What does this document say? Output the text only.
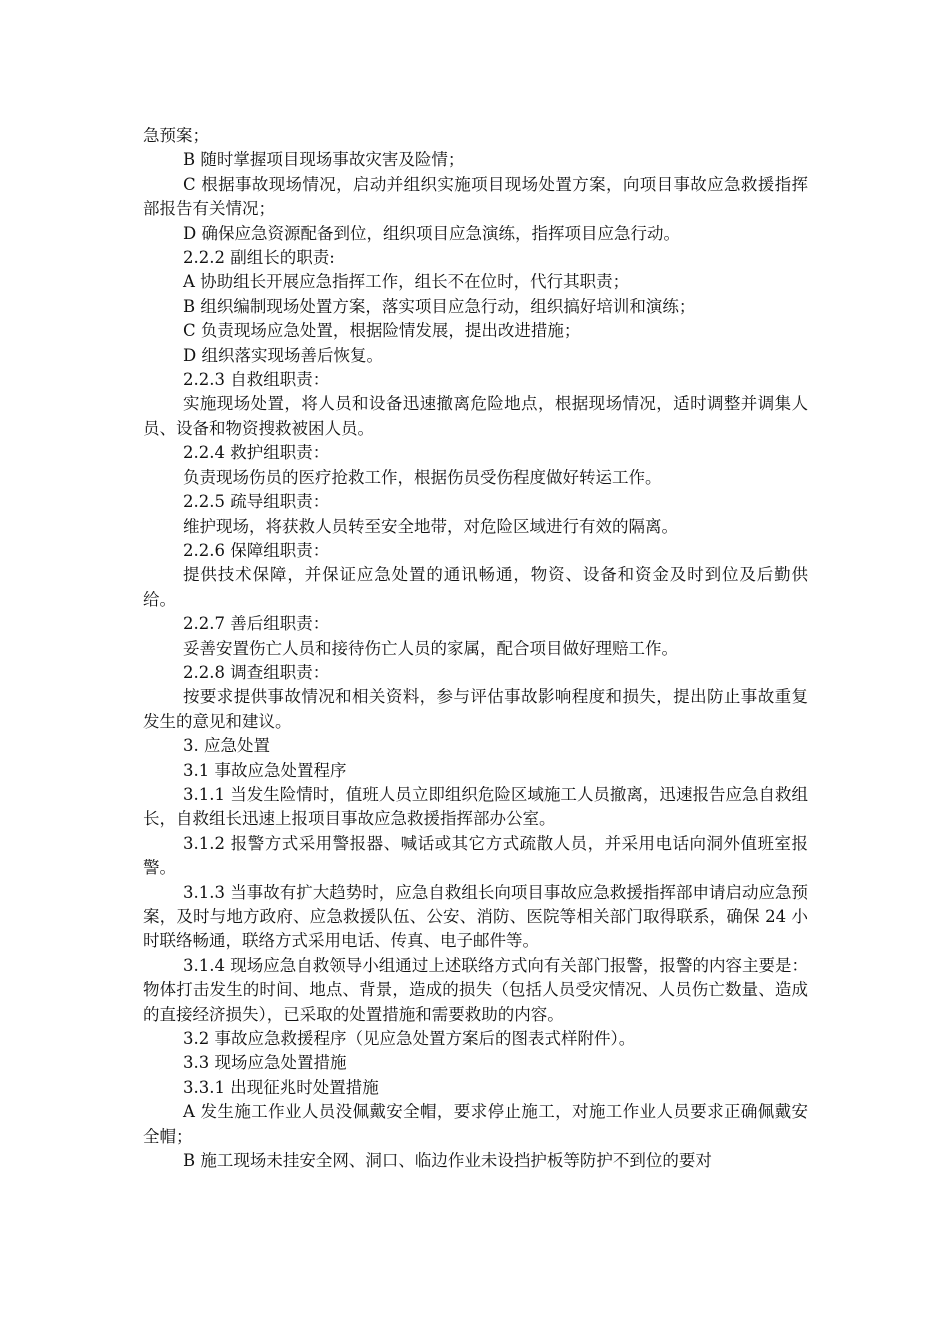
急预案；

B 随时掌握项目现场事故灾害及险情；

C 根据事故现场情况，启动并组织实施项目现场处置方案，向项目事故应急救援指挥部报告有关情况；

D 确保应急资源配备到位，组织项目应急演练，指挥项目应急行动。

2.2.2 副组长的职责:

A 协助组长开展应急指挥工作，组长不在位时，代行其职责；

B 组织编制现场处置方案，落实项目应急行动，组织搞好培训和演练；

C 负责现场应急处置，根据险情发展，提出改进措施；

D 组织落实现场善后恢复。

2.2.3 自救组职责：

实施现场处置，将人员和设备迅速撤离危险地点，根据现场情况，适时调整并调集人员、设备和物资搜救被困人员。

2.2.4 救护组职责：

负责现场伤员的医疗抢救工作，根据伤员受伤程度做好转运工作。

2.2.5 疏导组职责：

维护现场，将获救人员转至安全地带，对危险区域进行有效的隔离。

2.2.6 保障组职责：

提供技术保障，并保证应急处置的通讯畅通，物资、设备和资金及时到位及后勤供给。

2.2.7 善后组职责：

妥善安置伤亡人员和接待伤亡人员的家属，配合项目做好理赔工作。

2.2.8 调查组职责：

按要求提供事故情况和相关资料，参与评估事故影响程度和损失，提出防止事故重复发生的意见和建议。

3. 应急处置

3.1 事故应急处置程序

3.1.1 当发生险情时，值班人员立即组织危险区域施工人员撤离，迅速报告应急自救组长，自救组长迅速上报项目事故应急救援指挥部办公室。

3.1.2 报警方式采用警报器、喊话或其它方式疏散人员，并采用电话向洞外值班室报警。

3.1.3 当事故有扩大趋势时，应急自救组长向项目事故应急救援指挥部申请启动应急预案，及时与地方政府、应急救援队伍、公安、消防、医院等相关部门取得联系，确保 24 小时联络畅通，联络方式采用电话、传真、电子邮件等。

3.1.4 现场应急自救领导小组通过上述联络方式向有关部门报警，报警的内容主要是：物体打击发生的时间、地点、背景，造成的损失（包括人员受灾情况、人员伤亡数量、造成的直接经济损失），已采取的处置措施和需要救助的内容。

3.2 事故应急救援程序（见应急处置方案后的图表式样附件）。

3.3 现场应急处置措施

3.3.1 出现征兆时处置措施

A 发生施工作业人员没佩戴安全帽，要求停止施工，对施工作业人员要求正确佩戴安全帽；

B 施工现场未挂安全网、洞口、临边作业未设挡护板等防护不到位的要对
